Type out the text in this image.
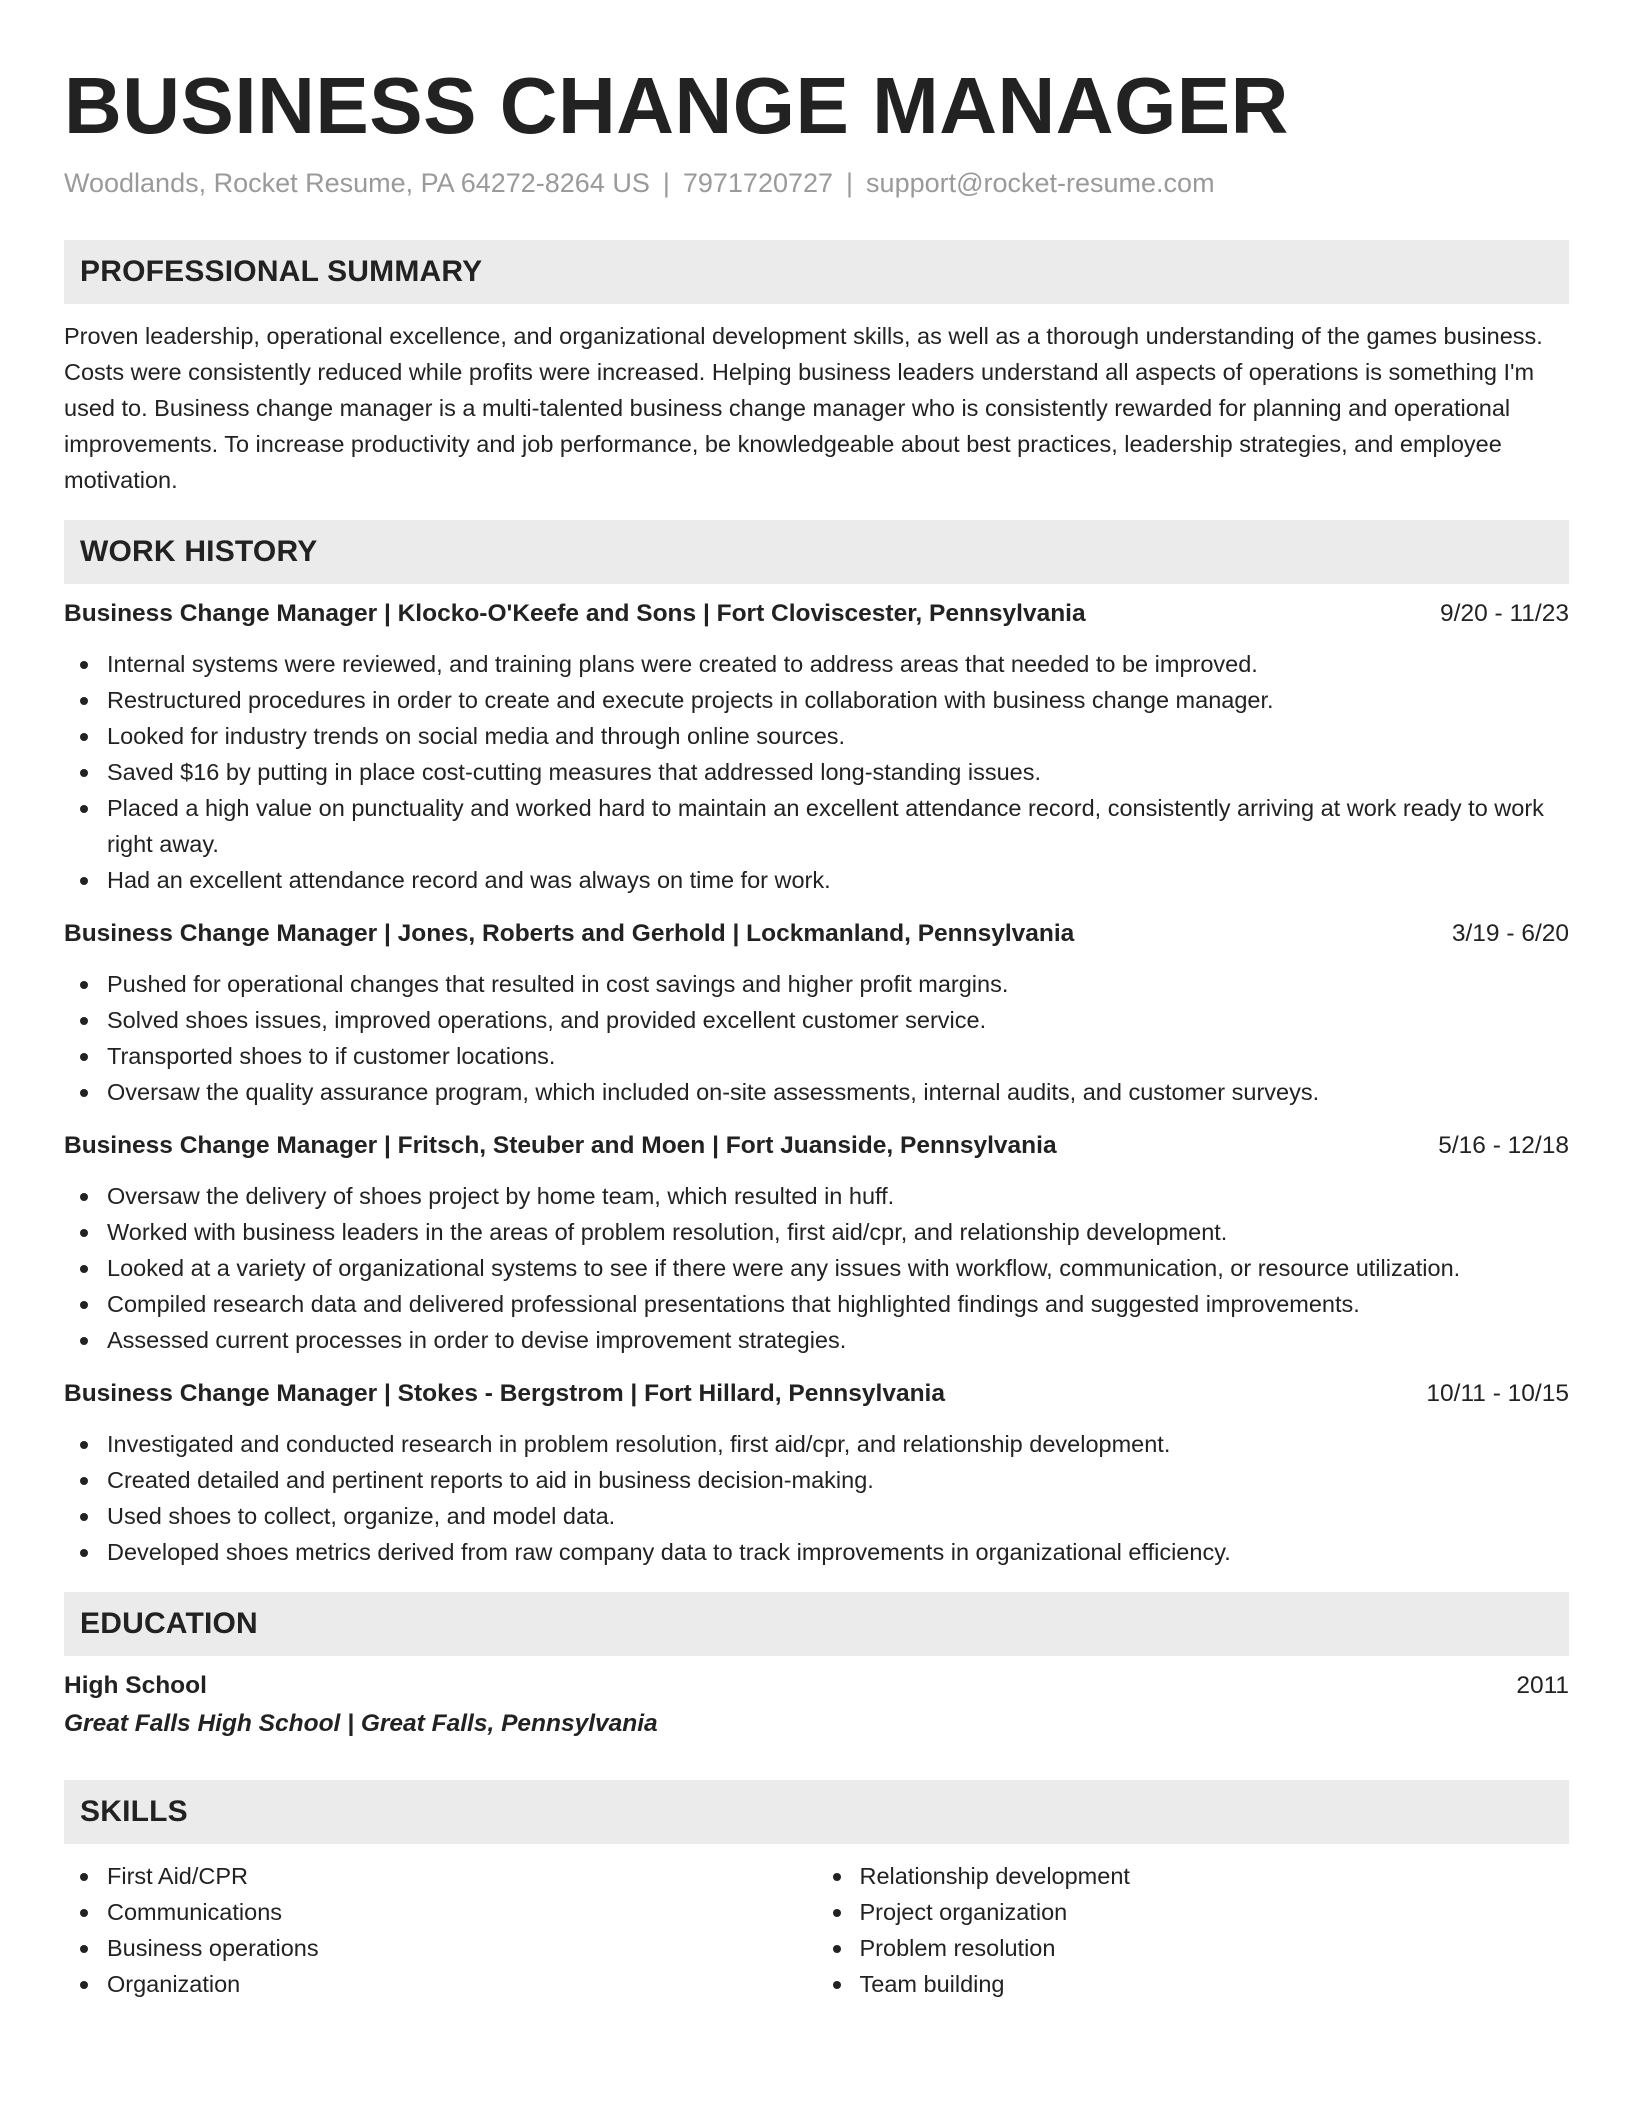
BUSINESS CHANGE MANAGER
Woodlands, Rocket Resume, PA 64272-8264 US | 7971720727 | support@rocket-resume.com
PROFESSIONAL SUMMARY

Proven leadership, operational excellence, and organizational development skills, as well as a thorough understanding of the games business. Costs were consistently reduced while profits were increased. Helping business leaders understand all aspects of operations is something I'm used to. Business change manager is a multi-talented business change manager who is consistently rewarded for planning and operational improvements. To increase productivity and job performance, be knowledgeable about best practices, leadership strategies, and employee motivation.

WORK HISTORY
Business Change Manager | Klocko-O'Keefe and Sons | Fort Cloviscester, Pennsylvania	9/20 - 11/23
Internal systems were reviewed, and training plans were created to address areas that needed to be improved.
Restructured procedures in order to create and execute projects in collaboration with business change manager.
Looked for industry trends on social media and through online sources.
Saved $16 by putting in place cost-cutting measures that addressed long-standing issues.
Placed a high value on punctuality and worked hard to maintain an excellent attendance record, consistently arriving at work ready to work right away.
Had an excellent attendance record and was always on time for work.
Business Change Manager | Jones, Roberts and Gerhold | Lockmanland, Pennsylvania	3/19 - 6/20
Pushed for operational changes that resulted in cost savings and higher profit margins.
Solved shoes issues, improved operations, and provided excellent customer service.
Transported shoes to if customer locations.
Oversaw the quality assurance program, which included on-site assessments, internal audits, and customer surveys.
Business Change Manager | Fritsch, Steuber and Moen | Fort Juanside, Pennsylvania	5/16 - 12/18
Oversaw the delivery of shoes project by home team, which resulted in huff.
Worked with business leaders in the areas of problem resolution, first aid/cpr, and relationship development.
Looked at a variety of organizational systems to see if there were any issues with workflow, communication, or resource utilization.
Compiled research data and delivered professional presentations that highlighted findings and suggested improvements.
Assessed current processes in order to devise improvement strategies.
Business Change Manager | Stokes - Bergstrom | Fort Hillard, Pennsylvania	10/11 - 10/15
Investigated and conducted research in problem resolution, first aid/cpr, and relationship development.
Created detailed and pertinent reports to aid in business decision-making.
Used shoes to collect, organize, and model data.
Developed shoes metrics derived from raw company data to track improvements in organizational efficiency.
EDUCATION
High School	2011
Great Falls High School | Great Falls, Pennsylvania
SKILLS
First Aid/CPR
Communications
Business operations
Organization
Relationship development
Project organization
Problem resolution
Team building
